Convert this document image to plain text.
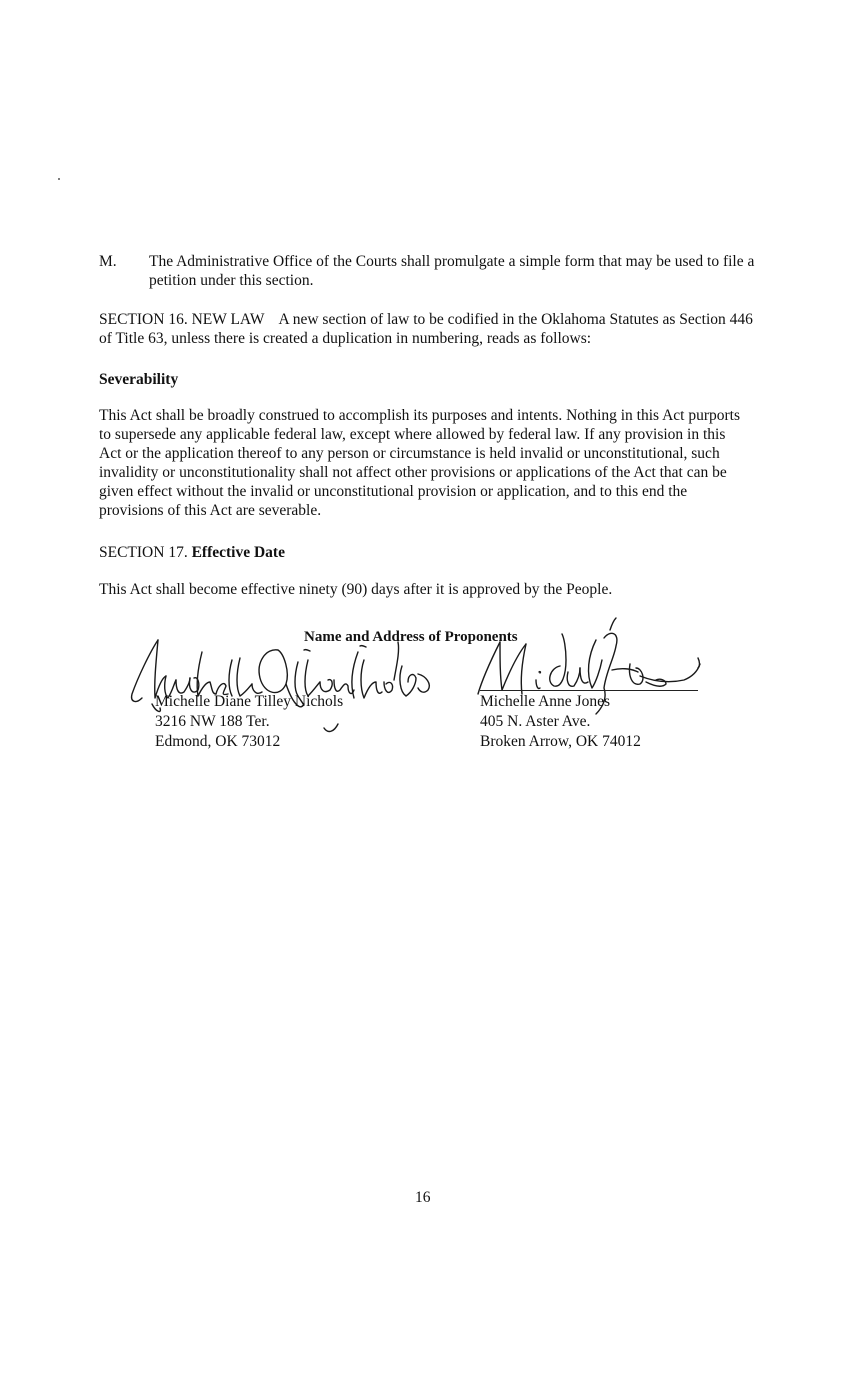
M. The Administrative Office of the Courts shall promulgate a simple form that may be used to file a petition under this section.
SECTION 16. NEW LAW A new section of law to be codified in the Oklahoma Statutes as Section 446 of Title 63, unless there is created a duplication in numbering, reads as follows:
Severability
This Act shall be broadly construed to accomplish its purposes and intents. Nothing in this Act purports to supersede any applicable federal law, except where allowed by federal law. If any provision in this Act or the application thereof to any person or circumstance is held invalid or unconstitutional, such invalidity or unconstitutionality shall not affect other provisions or applications of the Act that can be given effect without the invalid or unconstitutional provision or application, and to this end the provisions of this Act are severable.
SECTION 17. Effective Date
This Act shall become effective ninety (90) days after it is approved by the People.
Name and Address of Proponents
Michelle Diane Tilley Nichols
3216 NW 188 Ter.
Edmond, OK 73012
Michelle Anne Jones
405 N. Aster Ave.
Broken Arrow, OK 74012
16
